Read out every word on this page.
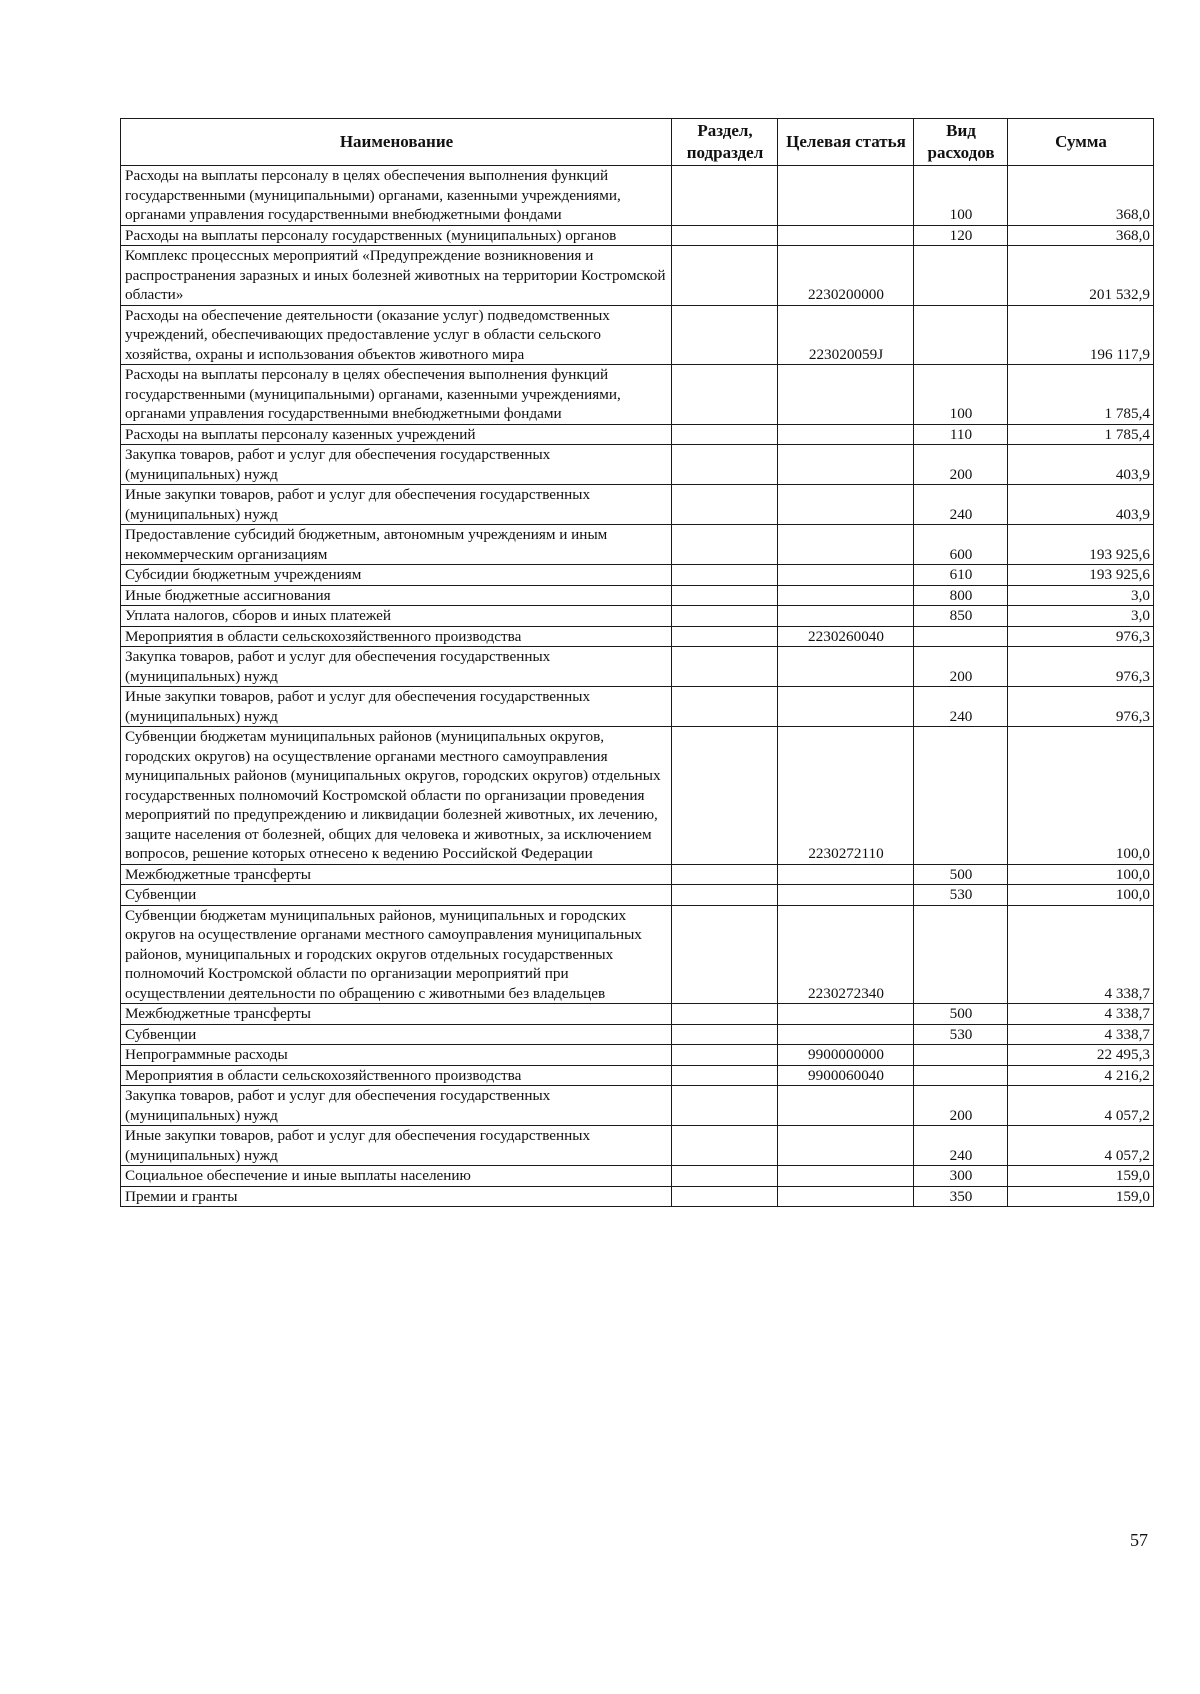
Наименование	Раздел, подраздел	Целевая статья	Вид расходов	Сумма
Расходы на выплаты персоналу в целях обеспечения выполнения функций государственными (муниципальными) органами, казенными учреждениями, органами управления государственными внебюджетными фондами			100	368,0
Расходы на выплаты персоналу государственных (муниципальных) органов			120	368,0
Комплекс процессных мероприятий «Предупреждение возникновения и распространения заразных и иных болезней животных на территории Костромской области»		2230200000		201 532,9
Расходы на обеспечение деятельности (оказание услуг) подведомственных учреждений, обеспечивающих предоставление услуг в области сельского хозяйства, охраны и использования объектов животного мира		223020059J		196 117,9
Расходы на выплаты персоналу в целях обеспечения выполнения функций государственными (муниципальными) органами, казенными учреждениями, органами управления государственными внебюджетными фондами			100	1 785,4
Расходы на выплаты персоналу казенных учреждений			110	1 785,4
Закупка товаров, работ и услуг для обеспечения государственных (муниципальных) нужд			200	403,9
Иные закупки товаров, работ и услуг для обеспечения государственных (муниципальных) нужд			240	403,9
Предоставление субсидий бюджетным, автономным учреждениям и иным некоммерческим организациям			600	193 925,6
Субсидии бюджетным учреждениям			610	193 925,6
Иные бюджетные ассигнования			800	3,0
Уплата налогов, сборов и иных платежей			850	3,0
Мероприятия в области сельскохозяйственного производства		2230260040		976,3
Закупка товаров, работ и услуг для обеспечения государственных (муниципальных) нужд			200	976,3
Иные закупки товаров, работ и услуг для обеспечения государственных (муниципальных) нужд			240	976,3
Субвенции бюджетам муниципальных районов (муниципальных округов, городских округов) на осуществление органами местного самоуправления муниципальных районов (муниципальных округов, городских округов) отдельных государственных полномочий Костромской области по организации проведения мероприятий по предупреждению и ликвидации болезней животных, их лечению, защите населения от болезней, общих для человека и животных, за исключением вопросов, решение которых отнесено к ведению Российской Федерации		2230272110		100,0
Межбюджетные трансферты			500	100,0
Субвенции			530	100,0
Субвенции бюджетам муниципальных районов, муниципальных и городских округов на осуществление органами местного самоуправления муниципальных районов, муниципальных и городских округов отдельных государственных полномочий Костромской области по организации мероприятий при осуществлении деятельности по обращению с животными без владельцев		2230272340		4 338,7
Межбюджетные трансферты			500	4 338,7
Субвенции			530	4 338,7
Непрограммные расходы		9900000000		22 495,3
Мероприятия в области сельскохозяйственного производства		9900060040		4 216,2
Закупка товаров, работ и услуг для обеспечения государственных (муниципальных) нужд			200	4 057,2
Иные закупки товаров, работ и услуг для обеспечения государственных (муниципальных) нужд			240	4 057,2
Социальное обеспечение и иные выплаты населению			300	159,0
Премии и гранты			350	159,0
57
